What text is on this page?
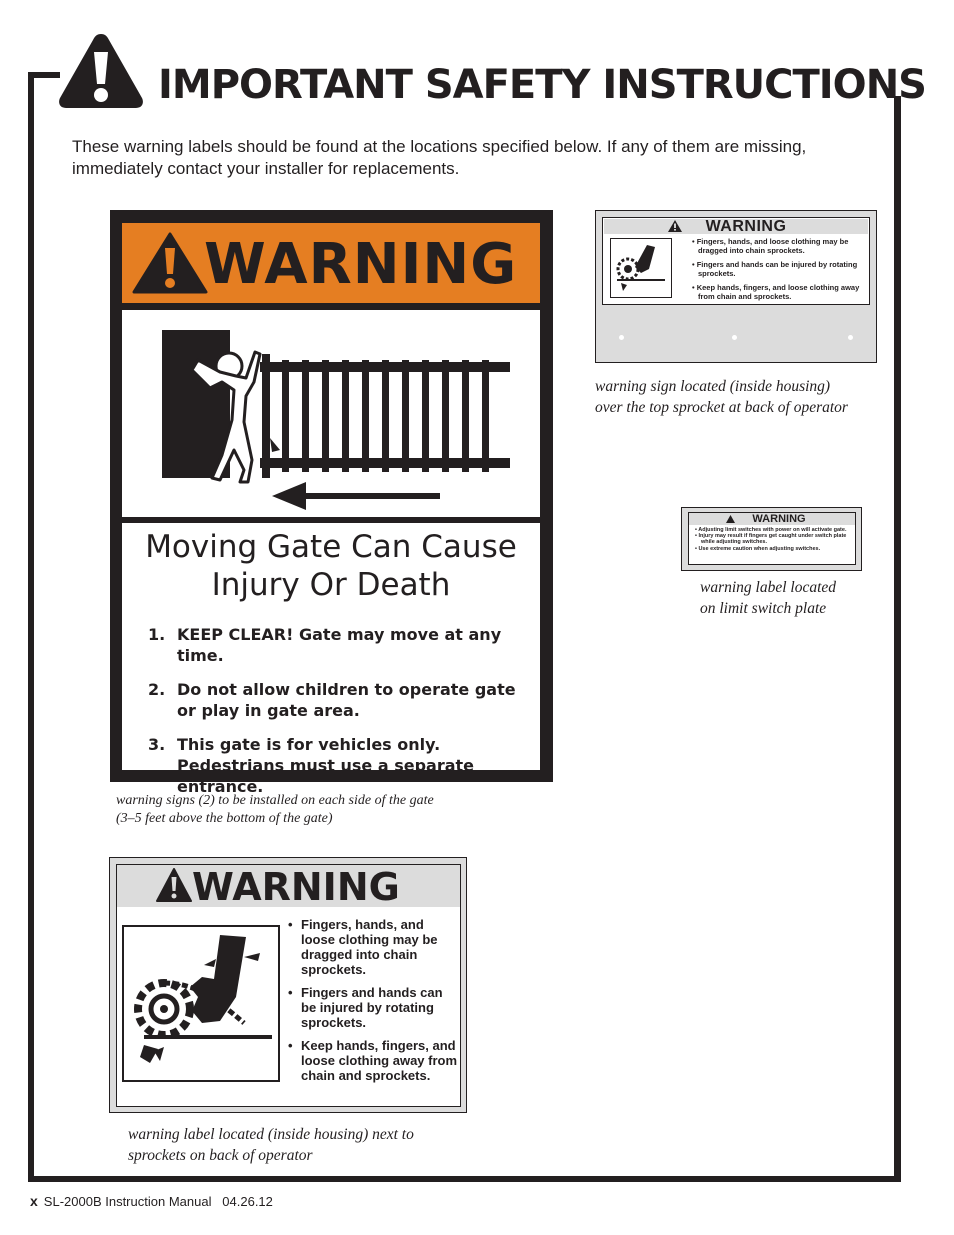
IMPORTANT SAFETY INSTRUCTIONS
These warning labels should be found at the locations specified below. If any of them are missing, immediately contact your installer for replacements.
WARNING
Moving Gate Can Cause
Injury Or Death
1. KEEP CLEAR! Gate may move at any time.
2. Do not allow children to operate gate or play in gate area.
3. This gate is for vehicles only. Pedestrians must use a separate entrance.
warning signs (2) to be installed on each side of the gate
(3–5 feet above the bottom of the gate)
WARNING
• Fingers, hands, and loose clothing may be dragged into chain sprockets.
• Fingers and hands can be injured by rotating sprockets.
• Keep hands, fingers, and loose clothing away from chain and sprockets.
warning sign located (inside housing)
over the top sprocket at back of operator
WARNING
• Adjusting limit switches with power on will activate gate.
• Injury may result if fingers get caught under switch plate while adjusting switches.
• Use extreme caution when adjusting switches.
warning label located
on limit switch plate
WARNING
• Fingers, hands, and loose clothing may be dragged into chain sprockets.
• Fingers and hands can be injured by rotating sprockets.
• Keep hands, fingers, and loose clothing away from chain and sprockets.
warning label located (inside housing) next to
sprockets on back of operator
x SL-2000B Instruction Manual   04.26.12
